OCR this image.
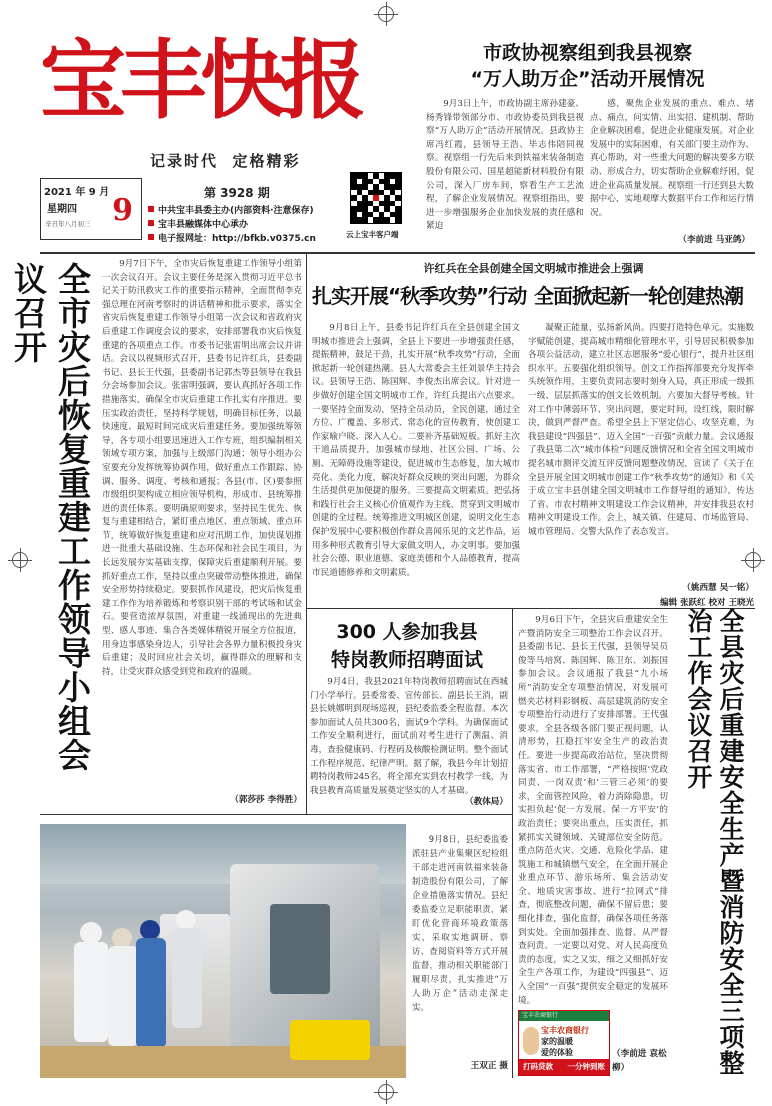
宝丰快报
记录时代  定格精彩
2021 年 9 月
星期四
辛丑年八月初三 9	第 3928 期
中共宝丰县委主办(内部资料·注意保存)
宝丰县融媒体中心承办
电子报网址：http://bfkb.v0375.cn	云上宝丰客户端
市政协视察组到我县视察
“万人助万企”活动开展情况
9月3日上午，市政协副主席孙建豪、杨秀锋带领部分市、市政协委员到我县视察“万人助万企”活动开展情况。县政协主席冯红霞，县领导王浩、毕志伟陪同视察。视察组一行先后来到铁福来装备制造股份有限公司、国星超能新材料股份有限公司，深入厂房车间，察看生产工艺流程，了解企业发展情况。视察组指出，要进一步增强服务企业加快发展的责任感和紧迫
感，聚焦企业发展的重点、难点、堵点、痛点，问实情、出实招、建机制、帮助企业解决困难，促进企业健康发展。对企业发展中的实际困难，有关部门要主动作为、真心帮助，对一些重大问题的解决要多方联动、形成合力，切实帮助企业解难纾困，促进企业高质量发展。视察组一行还到县大数据中心，实地观摩大数据平台工作和运行情况。
（李前进 马亚鸽）
全市灾后恢复重建工作领导小组会议召开	9月7日下午，全市灾后恢复重建工作领导小组第一次会议召开。会议主要任务是深入贯彻习近平总书记关于防汛救灾工作的重要指示精神，全面贯彻李克强总理在河南考察时的讲话精神和批示要求，落实全省灾后恢复重建工作领导小组第一次会议和省政府灾后重建工作调度会议的要求，安排部署我市灾后恢复重建的各项重点工作。市委书记张雷明出席会议并讲话。会议以视频形式召开，县委书记许红兵，县委副书记、县长王代强，县委副书记郭杰等县领导在我县分会场参加会议。张雷明强调，要认真抓好各项工作措施落实，确保全市灾后重建工作扎实有序推进。要压实政治责任，坚持科学规划，明确目标任务，以最快速度、最短时间完成灾后重建任务。要加强统筹领导，各专项小组要迅速进入工作专班，组织编制相关领域专项方案，加强与上级部门沟通；领导小组办公室要充分发挥统筹协调作用，做好重点工作跟踪、协调、服务、调度、考核和通报；各县(市、区)要参照市级组织架构成立相应领导机构，形成市、县统筹推进的责任体系。要明确原则要求，坚持民生优先、恢复与重建相结合，紧盯重点地区、重点领域、重点环节，统筹做好恢复重建和应对汛期工作，加快谋划推进一批重大基础设施、生态环保和社会民生项目，为长远发展夯实基础支撑，保障灾后重建顺利开展。要抓好重点工作，坚持以重点突破带动整体推进，确保安全形势持续稳定。要狠抓作风建设，把灾后恢复重建工作作为培养锻炼和考察识别干部的考试场和试金石。要营造浓厚氛围，对重建一线涌现出的先进典型、感人事迹、集合各类媒体精锐开展全方位报道，用身边事感染身边人，引导社会各界力量积极投身灾后重建；及时回应社会关切，赢得群众的理解和支持，让受灾群众感受到党和政府的温暖。
（郭莎莎 李得胜）
许红兵在全县创建全国文明城市推进会上强调
扎实开展“秋季攻势”行动 全面掀起新一轮创建热潮
9月8日上午，县委书记许红兵在全县创建全国文明城市推进会上强调，全县上下要进一步增强责任感，提振精神，鼓足干劲，扎实开展“秋季攻势”行动，全面掀起新一轮创建热潮。县人大常委会主任刘景华主持会议。县领导王浩、陈国辉、李俊杰出席会议。针对进一步做好创建全国文明城市工作，许红兵提出六点要求。一要坚持全面发动，坚持全员动员，全民创建，通过全方位、广覆盖、多形式、常态化的宣传教育，使创建工作家喻户晓、深入人心。二要补齐基础短板。抓好主次干道品质提升，加强城市绿地、社区公园、广场、公厕、无障碍设施等建设，促进城市生态修复，加大城市亮化、美化力度，解决好群众反映的突出问题，为群众生活提供更加便捷的服务。三要提高文明素质。把弘扬和践行社会主义核心价值观作为主线，贯穿到文明城市创建的全过程。统筹推进文明城区创建，说明文化生态保护发展中心要积极创作群众喜闻乐见的文艺作品，运用多种形式教育引导大家做文明人，办文明事。要加强社会公德、职业道德、家庭美德和个人品德教育，提高市民道德修养和文明素质。
凝聚正能量，弘扬新风尚。四要打造特色单元。实施数字赋能创建，提高城市精细化管理水平，引导居民积极参加各项公益活动，建立社区志愿服务“爱心银行”，提升社区组织水平。五要强化组织领导。创文工作指挥部要充分发挥牵头统领作用，主要负责同志要时刻身入局，真正形成一级抓一级、层层抓落实的创文长效机制。六要加大督导考核。针对工作中薄弱环节、突出问题，要定时间，设红线，限时解决，做到严督严查。希望全县上下坚定信心、攻坚克难，为我县建设“四强县”、迈入全国“一百强”贡献力量。会议通报了我县第二次“城市体检”问题反馈情况和全省全国文明城市提名城市测评交流互评反馈问题整改情况，宣读了《关于在全县开展全国文明城市创建工作“秋季攻势”的通知》和《关于成立宝丰县创建全国文明城市工作督导组的通知》，传达了省、市农村精神文明建设工作会议精神，并安排我县农村精神文明建设工作。会上，城关镇、住建局、市场监管局、城市管理局、交警大队作了表态发言。
（姚西慧 吴一铭）
编辑 张跃红 校对 王晓光
300 人参加我县
特岗教师招聘面试
9月4日，我县2021年特岗教师招聘面试在西城门小学举行。县委常委、宣传部长、副县长王消，副县长姚娜明到现场巡视，县纪委监委全程监督。本次参加面试人员共300名，面试9个学科。为确保面试工作安全顺利进行，面试前对考生进行了测温、消毒，查验健康码、行程码及核酸检测证明。整个面试工作程序规范、纪律严明。据了解，我县今年计划招聘特岗教师245名，将全部充实到农村教学一线，为我县教育高质量发展奠定坚实的人才基础。
（教体局）
9月8日，县纪委监委派驻县产业集聚区纪检组干部走进河南铁福来装备制造股份有限公司，了解企业措施落实情况。县纪委监委立足职能职责，紧盯优化营商环境政策落实，采取实地调研、察访、查阅资料等方式开展监督，推动相关职能部门履职尽责，扎实推进“万人助万企”活动走深走实。
王双正 摄
9月6日下午，全县灾后重建安全生产暨消防安全三项整治工作会议召开。县委副书记、县长王代强，县领导吴员俊等马培窝、陈国辉、陈卫东、刘振国参加会议。会议通报了我县“九小场所”消防安全专项整治情况，对发展可燃夹芯材料彩钢板、高层建筑消防安全专项整治行动进行了安排部署。王代强要求，全县各级各部门要正视问题，认清形势，扛稳扛牢安全生产的政治责任。要进一步提高政治站位，坚决贯彻落实省、市工作部署，“严格按照‘党政同责、一岗双责’和‘三管三必须’的要求，全面管控风险，着力消除隐患，切实担负起‘促一方发展、保一方平安’的政治责任；要突出重点，压实责任，抓紧抓实关键领域、关键部位安全防范。重点防范火灾、交通、危险化学品、建筑施工和城镇燃气安全，在全面开展企业重点环节、游乐场所、集会活动安全、地质灾害事故、进行“拉网式”排查，彻底整改问题，确保不留后患；要细化排查，强化监督，确保各项任务落到实处。全面加强排查、监督、从严督查问责。一定要以对党、对人民高度负责的态度，实之又实，细之又细抓好安全生产各项工作，为建设“四强县”、迈入全国“一百强”提供安全稳定的发展环境。	全县灾后重建安全生产暨消防安全三项整治工作会议召开
（李前进 袁松柳）
宝丰农商银行
宝丰农商银行
家的温暖
爱的体验
打码贷款 一分钟到账
